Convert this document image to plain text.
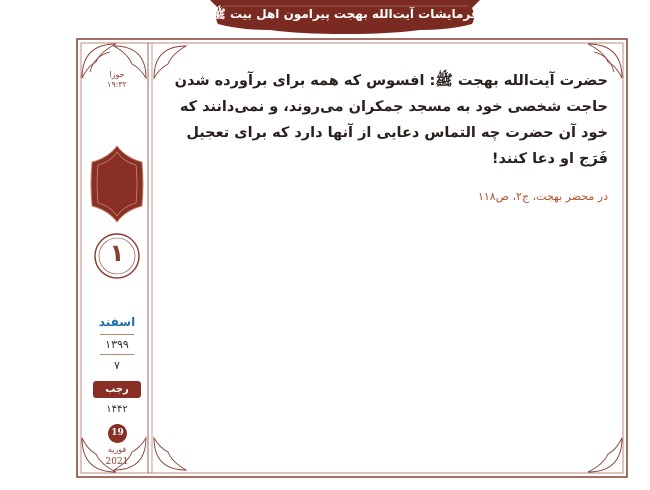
فرمایشات آیت‌الله بهجت پیرامون اهل بیت ﷺ
جوزا
۱۹:۳۲
جمعه
۱
اسفند
۱۳۹۹
۷
رجب
۱۴۴۲
19
فوریه
2021
حضرت آیت‌الله بهجت ﷺ: افسوس که همه برای برآورده شدن حاجت شخصی خود به مسجد جمکران می‌روند، و نمی‌دانند که خود آن حضرت چه التماس دعایی از آنها دارد که برای تعجیل فَرَج او دعا کنند!
در محضر بهجت، ج۲، ص۱۱۸
